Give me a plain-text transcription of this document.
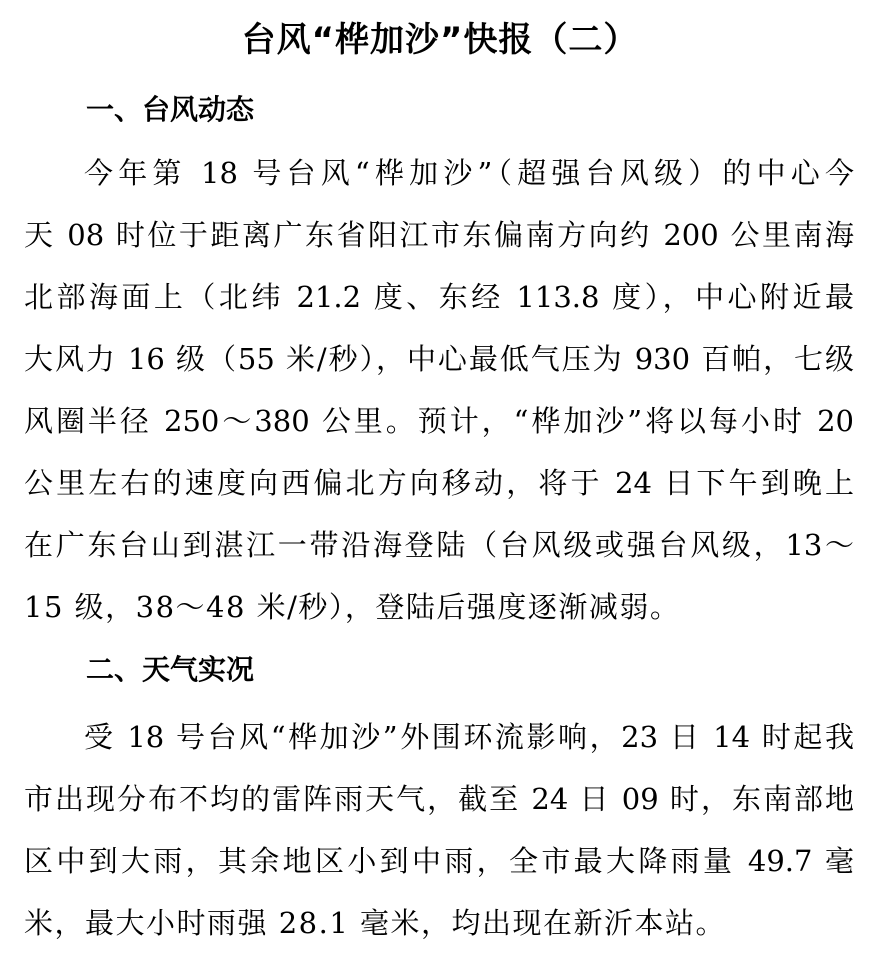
台风“桦加沙”快报（二）
一、台风动态
今年第 18 号台风“桦加沙”（超强台风级）的中心今
天 08 时位于距离广东省阳江市东偏南方向约 200 公里南海
北部海面上（北纬 21.2 度、东经 113.8 度），中心附近最
大风力 16 级（55 米/秒），中心最低气压为 930 百帕，七级
风圈半径 250～380 公里。预计，“桦加沙”将以每小时 20
公里左右的速度向西偏北方向移动，将于 24 日下午到晚上
在广东台山到湛江一带沿海登陆（台风级或强台风级，13～
15 级，38～48 米/秒），登陆后强度逐渐减弱。
二、天气实况
受 18 号台风“桦加沙”外围环流影响，23 日 14 时起我
市出现分布不均的雷阵雨天气，截至 24 日 09 时，东南部地
区中到大雨，其余地区小到中雨，全市最大降雨量 49.7 毫
米，最大小时雨强 28.1 毫米，均出现在新沂本站。
